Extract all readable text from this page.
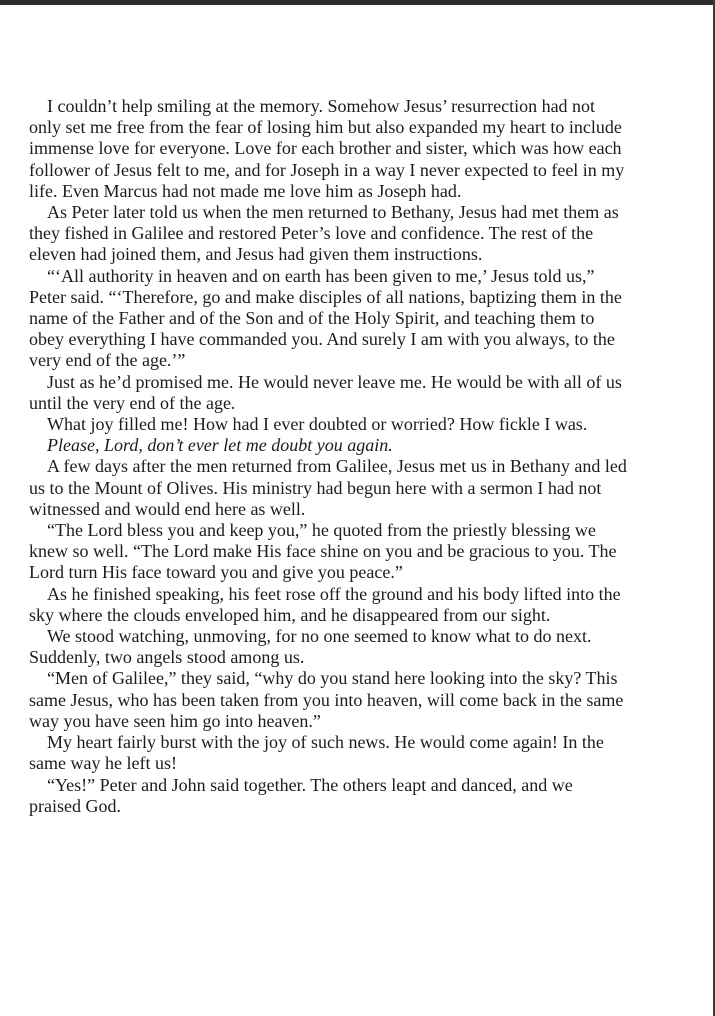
I couldn’t help smiling at the memory. Somehow Jesus’ resurrection had not only set me free from the fear of losing him but also expanded my heart to include immense love for everyone. Love for each brother and sister, which was how each follower of Jesus felt to me, and for Joseph in a way I never expected to feel in my life. Even Marcus had not made me love him as Joseph had.

As Peter later told us when the men returned to Bethany, Jesus had met them as they fished in Galilee and restored Peter’s love and confidence. The rest of the eleven had joined them, and Jesus had given them instructions.

“‘All authority in heaven and on earth has been given to me,’ Jesus told us,” Peter said. “‘Therefore, go and make disciples of all nations, baptizing them in the name of the Father and of the Son and of the Holy Spirit, and teaching them to obey everything I have commanded you. And surely I am with you always, to the very end of the age.’”

Just as he’d promised me. He would never leave me. He would be with all of us until the very end of the age.

What joy filled me! How had I ever doubted or worried? How fickle I was.

Please, Lord, don’t ever let me doubt you again.

A few days after the men returned from Galilee, Jesus met us in Bethany and led us to the Mount of Olives. His ministry had begun here with a sermon I had not witnessed and would end here as well.

“The Lord bless you and keep you,” he quoted from the priestly blessing we knew so well. “The Lord make His face shine on you and be gracious to you. The Lord turn His face toward you and give you peace.”

As he finished speaking, his feet rose off the ground and his body lifted into the sky where the clouds enveloped him, and he disappeared from our sight.

We stood watching, unmoving, for no one seemed to know what to do next. Suddenly, two angels stood among us.

“Men of Galilee,” they said, “why do you stand here looking into the sky? This same Jesus, who has been taken from you into heaven, will come back in the same way you have seen him go into heaven.”

My heart fairly burst with the joy of such news. He would come again! In the same way he left us!

“Yes!” Peter and John said together. The others leapt and danced, and we praised God.
